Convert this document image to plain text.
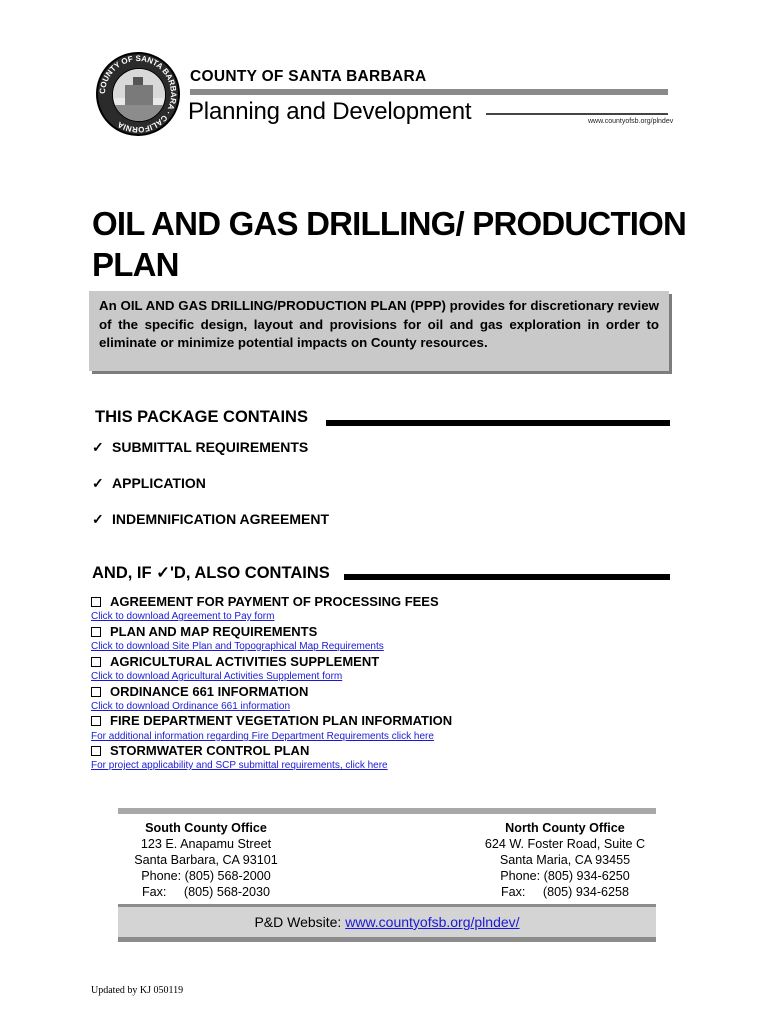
COUNTY OF SANTA BARBARA · CALIFORNIA
COUNTY OF SANTA BARBARA
Planning and Development	www.countyofsb.org/plndev
OIL AND GAS DRILLING/ PRODUCTION PLAN
An OIL AND GAS DRILLING/PRODUCTION PLAN (PPP) provides for discretionary review of the specific design, layout and provisions for oil and gas exploration in order to eliminate or minimize potential impacts on County resources.
THIS PACKAGE CONTAINS
✓ SUBMITTAL REQUIREMENTS
✓ APPLICATION
✓ INDEMNIFICATION AGREEMENT
AND, IF ✓'D, ALSO CONTAINS
AGREEMENT FOR PAYMENT OF PROCESSING FEES
Click to download Agreement to Pay form
PLAN AND MAP REQUIREMENTS
Click to download Site Plan and Topographical Map Requirements
AGRICULTURAL ACTIVITIES SUPPLEMENT
Click to download Agricultural Activities Supplement form
ORDINANCE 661 INFORMATION
Click to download Ordinance 661 information
FIRE DEPARTMENT VEGETATION PLAN INFORMATION
For additional information regarding Fire Department Requirements click here
STORMWATER CONTROL PLAN
For project applicability and SCP submittal requirements, click here
South County Office
123 E. Anapamu Street
Santa Barbara, CA 93101
Phone: (805) 568-2000
Fax:     (805) 568-2030
North County Office
624 W. Foster Road, Suite C
Santa Maria, CA 93455
Phone: (805) 934-6250
Fax:     (805) 934-6258
P&D Website: www.countyofsb.org/plndev/
Updated by KJ 050119
